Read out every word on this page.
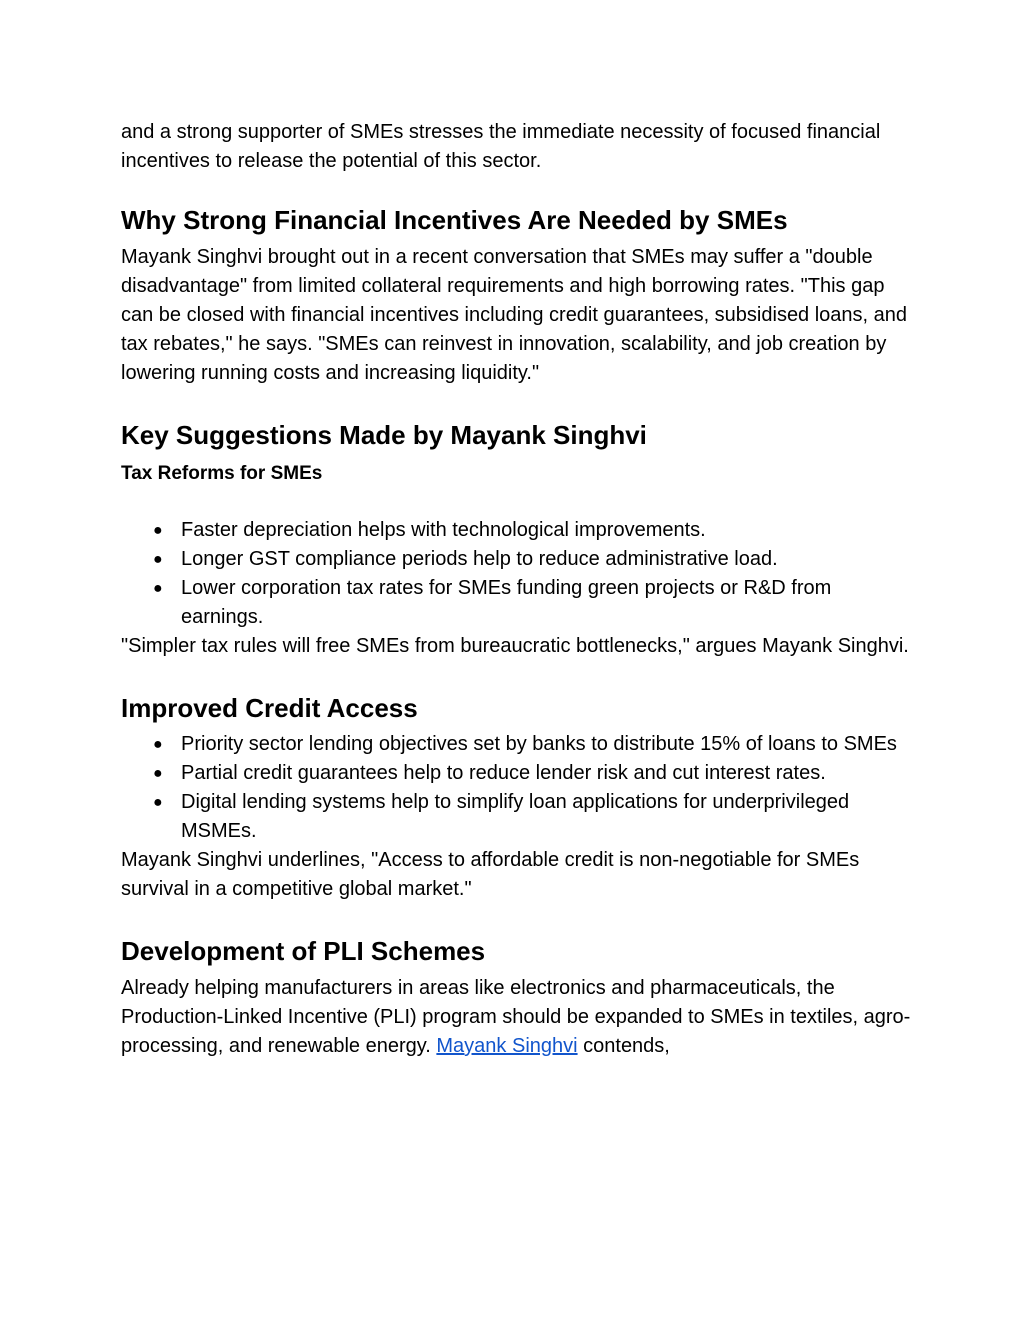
and a strong supporter of SMEs stresses the immediate necessity of focused financial incentives to release the potential of this sector.

Why Strong Financial Incentives Are Needed by SMEs

Mayank Singhvi brought out in a recent conversation that SMEs may suffer a "double disadvantage" from limited collateral requirements and high borrowing rates. "This gap can be closed with financial incentives including credit guarantees, subsidised loans, and tax rebates," he says. "SMEs can reinvest in innovation, scalability, and job creation by lowering running costs and increasing liquidity."

Key Suggestions Made by Mayank Singhvi
Tax Reforms for SMEs
● Faster depreciation helps with technological improvements.
● Longer GST compliance periods help to reduce administrative load.
● Lower corporation tax rates for SMEs funding green projects or R&D from earnings.

"Simpler tax rules will free SMEs from bureaucratic bottlenecks," argues Mayank Singhvi.

Improved Credit Access
● Priority sector lending objectives set by banks to distribute 15% of loans to SMEs
● Partial credit guarantees help to reduce lender risk and cut interest rates.
● Digital lending systems help to simplify loan applications for underprivileged MSMEs.

Mayank Singhvi underlines, "Access to affordable credit is non-negotiable for SMEs survival in a competitive global market."

Development of PLI Schemes

Already helping manufacturers in areas like electronics and pharmaceuticals, the Production-Linked Incentive (PLI) program should be expanded to SMEs in textiles, agro-processing, and renewable energy. Mayank Singhvi contends,
